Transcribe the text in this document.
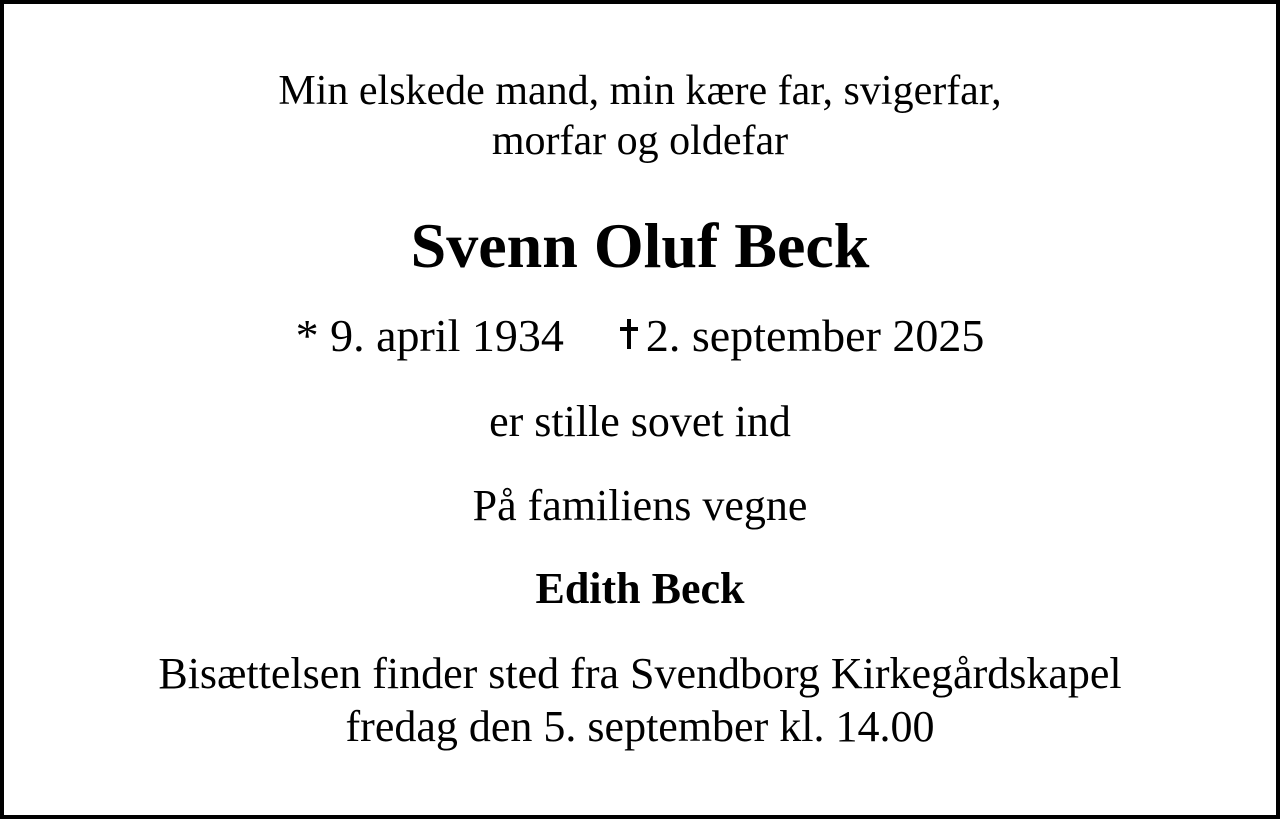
Min elskede mand, min kære far, svigerfar,
morfar og oldefar
Svenn Oluf Beck
* 9. april 1934 2. september 2025
er stille sovet ind
På familiens vegne
Edith Beck
Bisættelsen finder sted fra Svendborg Kirkegårdskapel
fredag den 5. september kl. 14.00
